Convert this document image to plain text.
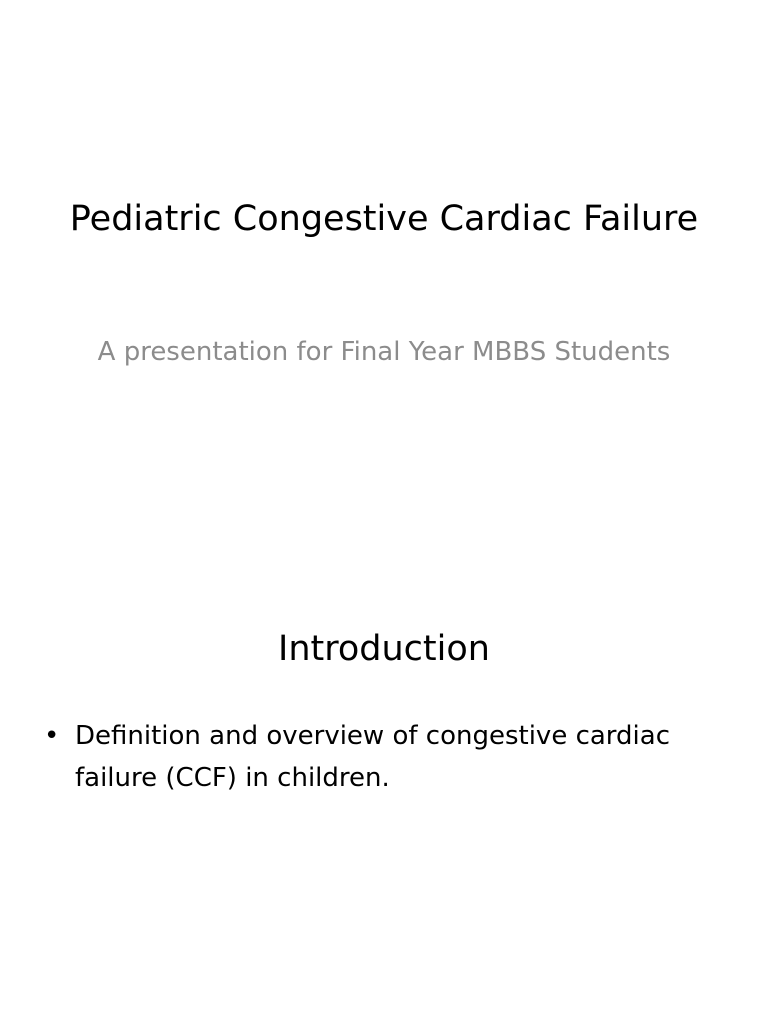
Pediatric Congestive Cardiac Failure
A presentation for Final Year MBBS Students
Introduction
• Definition and overview of congestive cardiac failure (CCF) in children.
